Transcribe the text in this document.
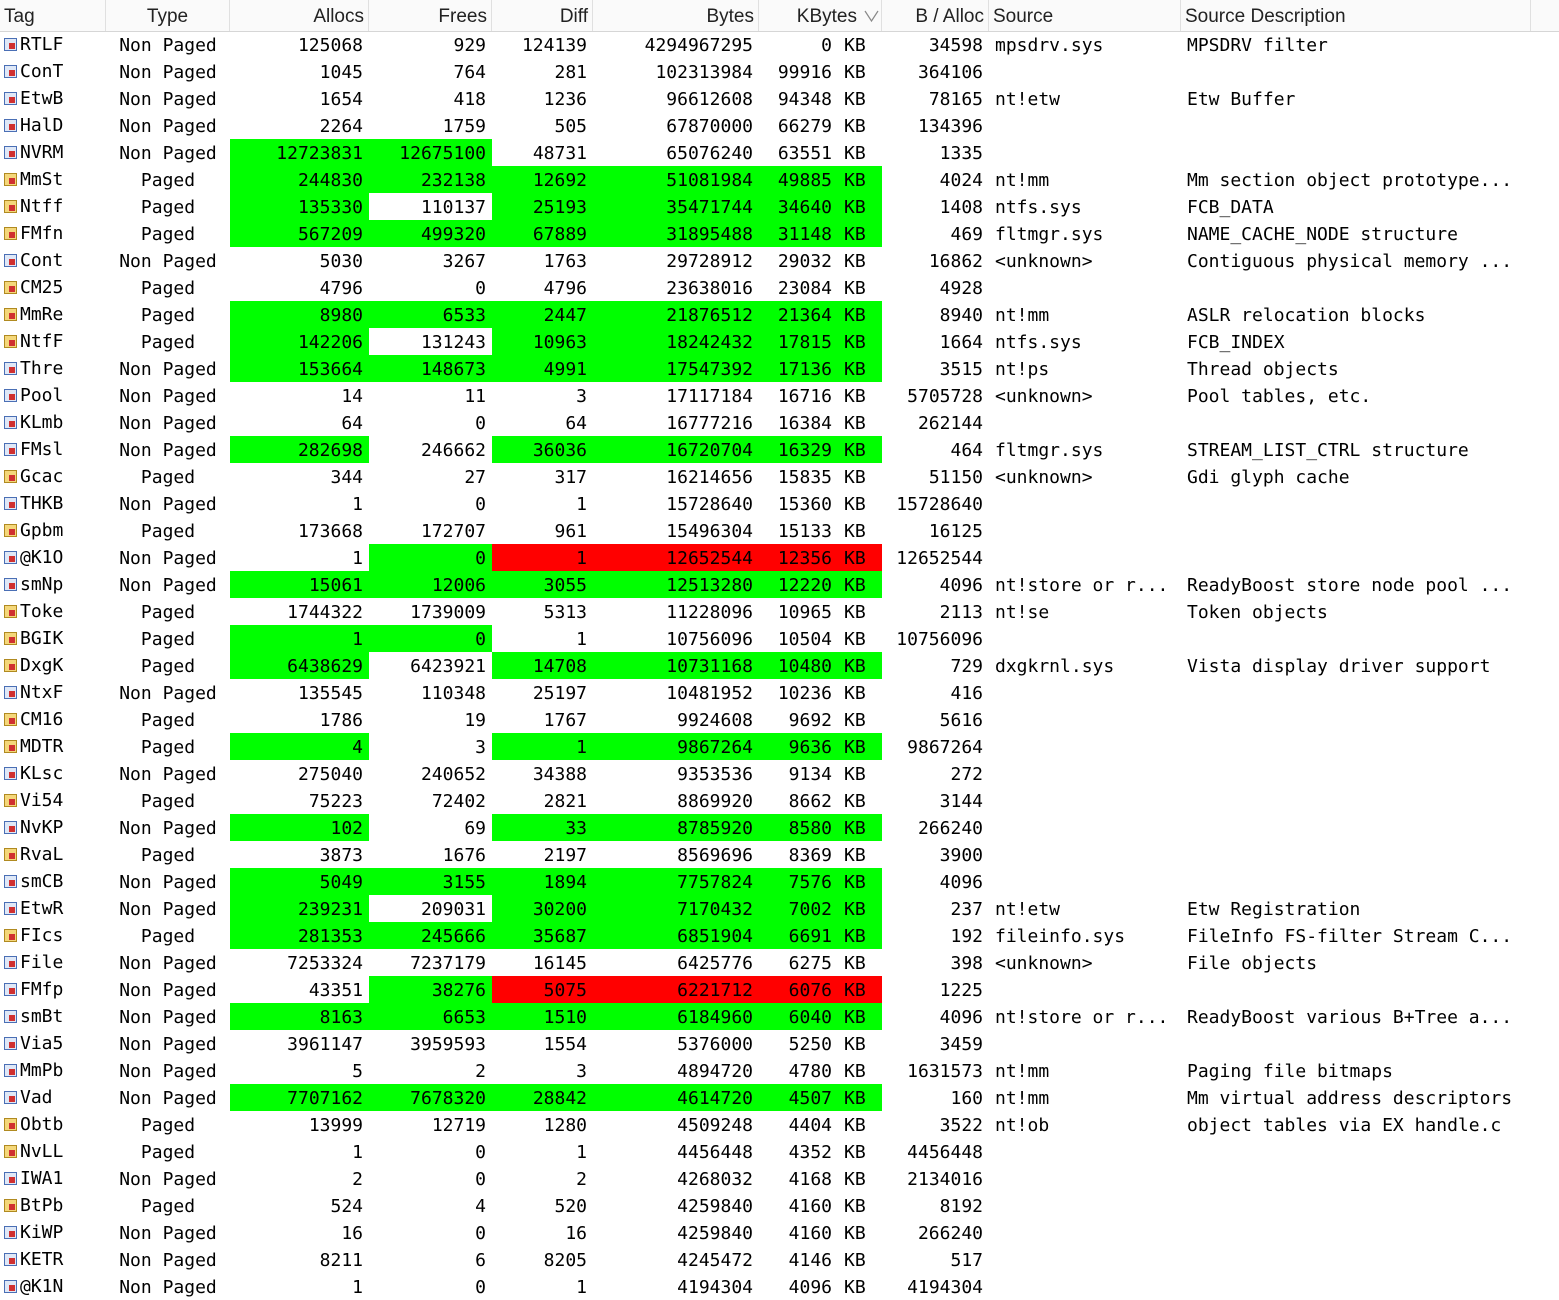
Tag	Type	Allocs	Frees	Diff	Bytes	KBytes	B / Alloc Source	Source Description
RTLF	Non Paged	125068	929	124139	4294967295	0 KB	34598 mpsdrv.sys	MPSDRV filter
ConT	Non Paged	1045	764	281	102313984	99916 KB	364106
EtwB	Non Paged	1654	418	1236	96612608	94348 KB	78165 nt!etw	Etw Buffer
HalD	Non Paged	2264	1759	505	67870000	66279 KB	134396
NVRM	Non Paged	12723831	12675100	48731	65076240	63551 KB	1335
MmSt	Paged	244830	232138	12692	51081984	49885 KB	4024 nt!mm	Mm section object prototype...
Ntff	Paged	135330	110137	25193	35471744	34640 KB	1408 ntfs.sys	FCB_DATA
FMfn	Paged	567209	499320	67889	31895488	31148 KB	469 fltmgr.sys	NAME_CACHE_NODE structure
Cont	Non Paged	5030	3267	1763	29728912	29032 KB	16862 <unknown>	Contiguous physical memory ...
CM25	Paged	4796	0	4796	23638016	23084 KB	4928
MmRe	Paged	8980	6533	2447	21876512	21364 KB	8940 nt!mm	ASLR relocation blocks
NtfF	Paged	142206	131243	10963	18242432	17815 KB	1664 ntfs.sys	FCB_INDEX
Thre	Non Paged	153664	148673	4991	17547392	17136 KB	3515 nt!ps	Thread objects
Pool	Non Paged	14	11	3	17117184	16716 KB	5705728 <unknown>	Pool tables, etc.
KLmb	Non Paged	64	0	64	16777216	16384 KB	262144
FMsl	Non Paged	282698	246662	36036	16720704	16329 KB	464 fltmgr.sys	STREAM_LIST_CTRL structure
Gcac	Paged	344	27	317	16214656	15835 KB	51150 <unknown>	Gdi glyph cache
THKB	Non Paged	1	0	1	15728640	15360 KB	15728640
Gpbm	Paged	173668	172707	961	15496304	15133 KB	16125
@K1O	Non Paged	1	0	1	12652544	12356 KB	12652544
smNp	Non Paged	15061	12006	3055	12513280	12220 KB	4096 nt!store or r...	ReadyBoost store node pool ...
Toke	Paged	1744322	1739009	5313	11228096	10965 KB	2113 nt!se	Token objects
BGIK	Paged	1	0	1	10756096	10504 KB	10756096
DxgK	Paged	6438629	6423921	14708	10731168	10480 KB	729 dxgkrnl.sys	Vista display driver support
NtxF	Non Paged	135545	110348	25197	10481952	10236 KB	416
CM16	Paged	1786	19	1767	9924608	9692 KB	5616
MDTR	Paged	4	3	1	9867264	9636 KB	9867264
KLsc	Non Paged	275040	240652	34388	9353536	9134 KB	272
Vi54	Paged	75223	72402	2821	8869920	8662 KB	3144
NvKP	Non Paged	102	69	33	8785920	8580 KB	266240
RvaL	Paged	3873	1676	2197	8569696	8369 KB	3900
smCB	Non Paged	5049	3155	1894	7757824	7576 KB	4096
EtwR	Non Paged	239231	209031	30200	7170432	7002 KB	237 nt!etw	Etw Registration
FIcs	Paged	281353	245666	35687	6851904	6691 KB	192 fileinfo.sys	FileInfo FS-filter Stream C...
File	Non Paged	7253324	7237179	16145	6425776	6275 KB	398 <unknown>	File objects
FMfp	Non Paged	43351	38276	5075	6221712	6076 KB	1225
smBt	Non Paged	8163	6653	1510	6184960	6040 KB	4096 nt!store or r...	ReadyBoost various B+Tree a...
Via5	Non Paged	3961147	3959593	1554	5376000	5250 KB	3459
MmPb	Non Paged	5	2	3	4894720	4780 KB	1631573 nt!mm	Paging file bitmaps
Vad	Non Paged	7707162	7678320	28842	4614720	4507 KB	160 nt!mm	Mm virtual address descriptors
Obtb	Paged	13999	12719	1280	4509248	4404 KB	3522 nt!ob	object tables via EX handle.c
NvLL	Paged	1	0	1	4456448	4352 KB	4456448
IWA1	Non Paged	2	0	2	4268032	4168 KB	2134016
BtPb	Paged	524	4	520	4259840	4160 KB	8192
KiWP	Non Paged	16	0	16	4259840	4160 KB	266240
KETR	Non Paged	8211	6	8205	4245472	4146 KB	517
@K1N	Non Paged	1	0	1	4194304	4096 KB	4194304
